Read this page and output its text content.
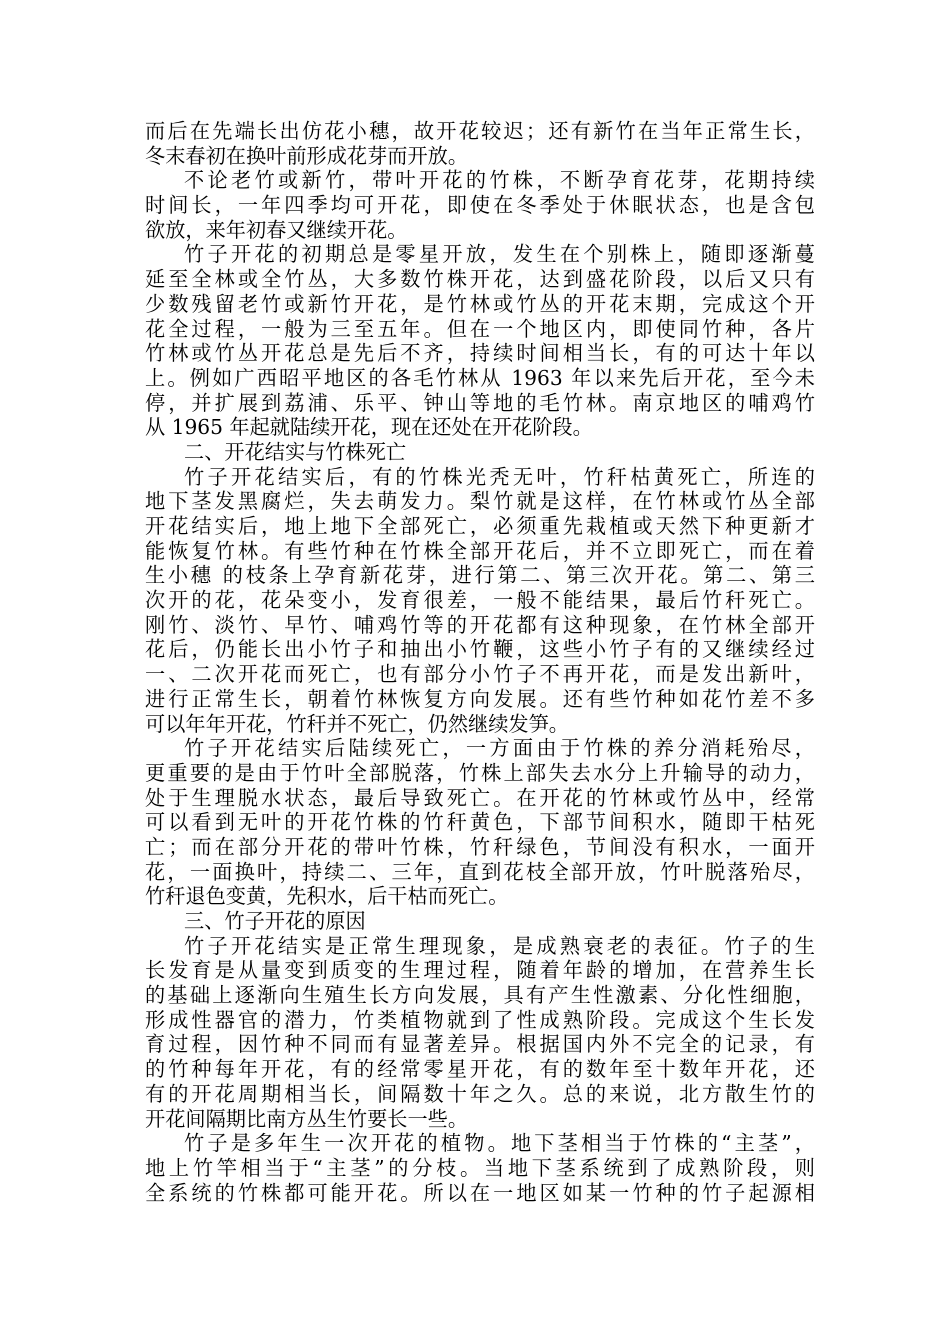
而后在先端长出仿花小穗，故开花较迟；还有新竹在当年正常生长，
冬末春初在换叶前形成花芽而开放。
不论老竹或新竹，带叶开花的竹株，不断孕育花芽，花期持续
时间长，一年四季均可开花，即使在冬季处于休眠状态，也是含包
欲放，来年初春又继续开花。
竹子开花的初期总是零星开放，发生在个别株上，随即逐渐蔓
延至全林或全竹丛，大多数竹株开花，达到盛花阶段，以后又只有
少数残留老竹或新竹开花，是竹林或竹丛的开花末期，完成这个开
花全过程，一般为三至五年。但在一个地区内，即使同竹种，各片
竹林或竹丛开花总是先后不齐，持续时间相当长，有的可达十年以
上。例如广西昭平地区的各毛竹林从 1963 年以来先后开花，至今未
停，并扩展到荔浦、乐平、钟山等地的毛竹林。南京地区的哺鸡竹
从 1965 年起就陆续开花，现在还处在开花阶段。
二、开花结实与竹株死亡
竹子开花结实后，有的竹株光秃无叶，竹秆枯黄死亡，所连的
地下茎发黑腐烂，失去萌发力。梨竹就是这样，在竹林或竹丛全部
开花结实后，地上地下全部死亡，必须重先栽植或天然下种更新才
能恢复竹林。有些竹种在竹株全部开花后，并不立即死亡，而在着
生小穗 的枝条上孕育新花芽，进行第二、第三次开花。第二、第三
次开的花，花朵变小，发育很差，一般不能结果，最后竹秆死亡。
刚竹、淡竹、早竹、哺鸡竹等的开花都有这种现象，在竹林全部开
花后，仍能长出小竹子和抽出小竹鞭，这些小竹子有的又继续经过
一、二次开花而死亡，也有部分小竹子不再开花，而是发出新叶，
进行正常生长，朝着竹林恢复方向发展。还有些竹种如花竹差不多
可以年年开花，竹秆并不死亡，仍然继续发笋。
竹子开花结实后陆续死亡，一方面由于竹株的养分消耗殆尽，
更重要的是由于竹叶全部脱落，竹株上部失去水分上升输导的动力，
处于生理脱水状态，最后导致死亡。在开花的竹林或竹丛中，经常
可以看到无叶的开花竹株的竹秆黄色，下部节间积水，随即干枯死
亡；而在部分开花的带叶竹株，竹秆绿色，节间没有积水，一面开
花，一面换叶，持续二、三年，直到花枝全部开放，竹叶脱落殆尽，
竹秆退色变黄，先积水，后干枯而死亡。
三、竹子开花的原因
竹子开花结实是正常生理现象，是成熟衰老的表征。竹子的生
长发育是从量变到质变的生理过程，随着年龄的增加，在营养生长
的基础上逐渐向生殖生长方向发展，具有产生性激素、分化性细胞，
形成性器官的潜力，竹类植物就到了性成熟阶段。完成这个生长发
育过程，因竹种不同而有显著差异。根据国内外不完全的记录，有
的竹种每年开花，有的经常零星开花，有的数年至十数年开花，还
有的开花周期相当长，间隔数十年之久。总的来说，北方散生竹的
开花间隔期比南方丛生竹要长一些。
竹子是多年生一次开花的植物。地下茎相当于竹株的“主茎”，
地上竹竿相当于“主茎”的分枝。当地下茎系统到了成熟阶段，则
全系统的竹株都可能开花。所以在一地区如某一竹种的竹子起源相
